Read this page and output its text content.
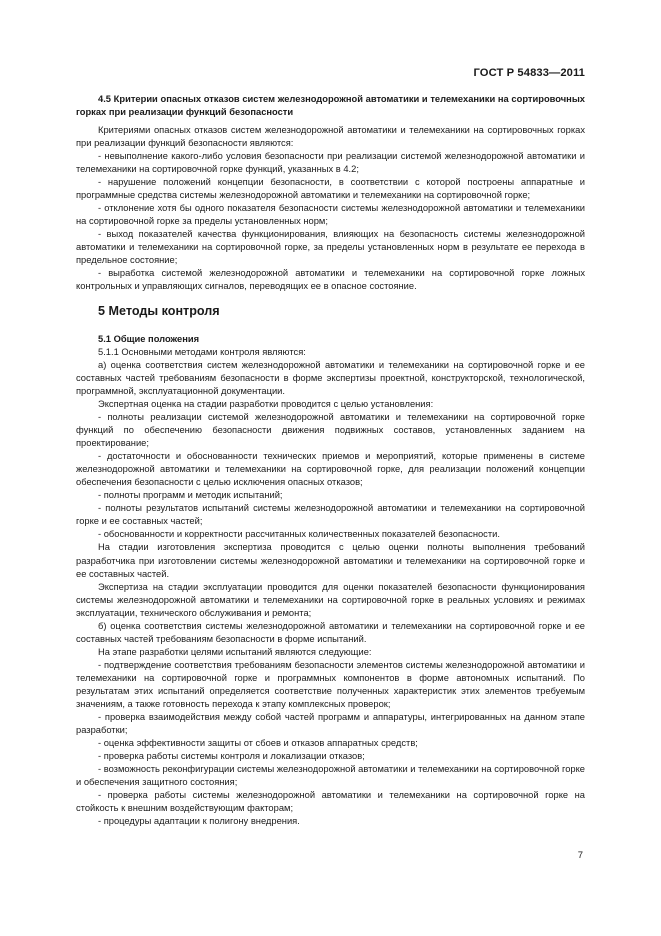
ГОСТ Р 54833—2011

4.5 Критерии опасных отказов систем железнодорожной автоматики и телемеханики на сортировочных горках при реализации функций безопасности

Критериями опасных отказов систем железнодорожной автоматики и телемеханики на сортировочных горках при реализации функций безопасности являются:

- невыполнение какого-либо условия безопасности при реализации системой железнодорожной автоматики и телемеханики на сортировочной горке функций, указанных в 4.2;

- нарушение положений концепции безопасности, в соответствии с которой построены аппаратные и программные средства системы железнодорожной автоматики и телемеханики на сортировочной горке;

- отклонение хотя бы одного показателя безопасности системы железнодорожной автоматики и телемеханики на сортировочной горке за пределы установленных норм;

- выход показателей качества функционирования, влияющих на безопасность системы железнодорожной автоматики и телемеханики на сортировочной горке, за пределы установленных норм в результате ее перехода в предельное состояние;

- выработка системой железнодорожной автоматики и телемеханики на сортировочной горке ложных контрольных и управляющих сигналов, переводящих ее в опасное состояние.

5 Методы контроля

5.1 Общие положения

5.1.1 Основными методами контроля являются:

а) оценка соответствия систем железнодорожной автоматики и телемеханики на сортировочной горке и ее составных частей требованиям безопасности в форме экспертизы проектной, конструкторской, технологической, программной, эксплуатационной документации.

Экспертная оценка на стадии разработки проводится с целью установления:

- полноты реализации системой железнодорожной автоматики и телемеханики на сортировочной горке функций по обеспечению безопасности движения подвижных составов, установленных заданием на проектирование;

- достаточности и обоснованности технических приемов и мероприятий, которые применены в системе железнодорожной автоматики и телемеханики на сортировочной горке, для реализации положений концепции обеспечения безопасности с целью исключения опасных отказов;

- полноты программ и методик испытаний;

- полноты результатов испытаний системы железнодорожной автоматики и телемеханики на сортировочной горке и ее составных частей;

- обоснованности и корректности рассчитанных количественных показателей безопасности.

На стадии изготовления экспертиза проводится с целью оценки полноты выполнения требований разработчика при изготовлении системы железнодорожной автоматики и телемеханики на сортировочной горке и ее составных частей.

Экспертиза на стадии эксплуатации проводится для оценки показателей безопасности функционирования системы железнодорожной автоматики и телемеханики на сортировочной горке в реальных условиях и режимах эксплуатации, технического обслуживания и ремонта;

б) оценка соответствия системы железнодорожной автоматики и телемеханики на сортировочной горке и ее составных частей требованиям безопасности в форме испытаний.

На этапе разработки целями испытаний являются следующие:

- подтверждение соответствия требованиям безопасности элементов системы железнодорожной автоматики и телемеханики на сортировочной горке и программных компонентов в форме автономных испытаний. По результатам этих испытаний определяется соответствие полученных характеристик этих элементов требуемым значениям, а также готовность перехода к этапу комплексных проверок;

- проверка взаимодействия между собой частей программ и аппаратуры, интегрированных на данном этапе разработки;

- оценка эффективности защиты от сбоев и отказов аппаратных средств;

- проверка работы системы контроля и локализации отказов;

- возможность реконфигурации системы железнодорожной автоматики и телемеханики на сортировочной горке и обеспечения защитного состояния;

- проверка работы системы железнодорожной автоматики и телемеханики на сортировочной горке на стойкость к внешним воздействующим факторам;

- процедуры адаптации к полигону внедрения.

7
